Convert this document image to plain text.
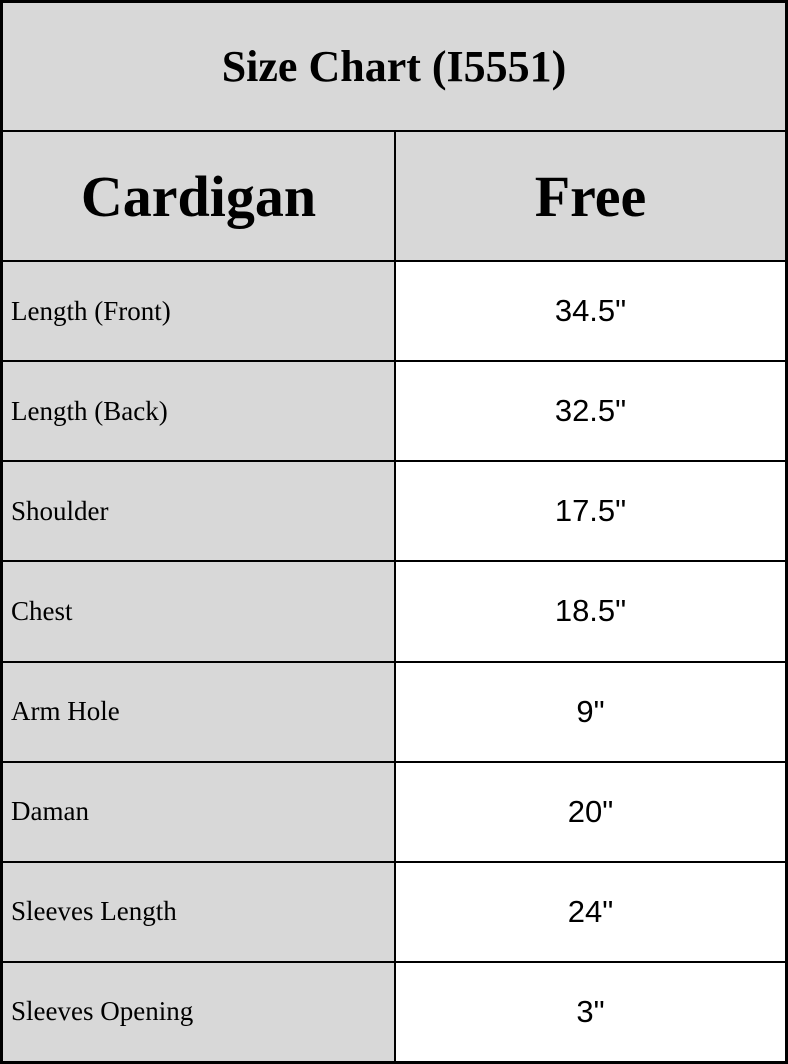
Size Chart (I5551)
Cardigan	Free
Length (Front)	34.5"
Length (Back)	32.5"
Shoulder	17.5"
Chest	18.5"
Arm Hole	9"
Daman	20"
Sleeves Length	24"
Sleeves Opening	3"
